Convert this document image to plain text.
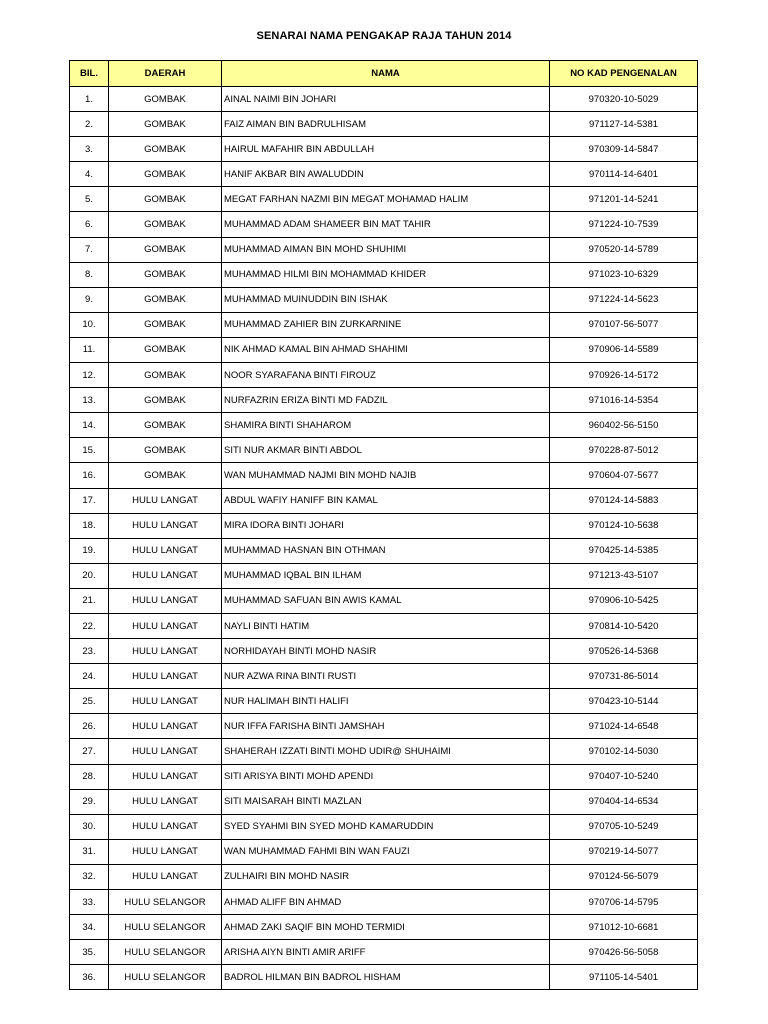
SENARAI NAMA PENGAKAP RAJA TAHUN 2014
BIL.	DAERAH	NAMA	NO KAD PENGENALAN
1.	GOMBAK	AINAL NAIMI BIN JOHARI	970320-10-5029
2.	GOMBAK	FAIZ AIMAN BIN BADRULHISAM	971127-14-5381
3.	GOMBAK	HAIRUL MAFAHIR BIN ABDULLAH	970309-14-5847
4.	GOMBAK	HANIF AKBAR BIN AWALUDDIN	970114-14-6401
5.	GOMBAK	MEGAT FARHAN NAZMI BIN MEGAT MOHAMAD HALIM	971201-14-5241
6.	GOMBAK	MUHAMMAD ADAM SHAMEER BIN MAT TAHIR	971224-10-7539
7.	GOMBAK	MUHAMMAD AIMAN BIN MOHD SHUHIMI	970520-14-5789
8.	GOMBAK	MUHAMMAD HILMI BIN MOHAMMAD KHIDER	971023-10-6329
9.	GOMBAK	MUHAMMAD MUINUDDIN BIN ISHAK	971224-14-5623
10.	GOMBAK	MUHAMMAD ZAHIER BIN ZURKARNINE	970107-56-5077
11.	GOMBAK	NIK AHMAD KAMAL BIN AHMAD SHAHIMI	970906-14-5589
12.	GOMBAK	NOOR SYARAFANA BINTI FIROUZ	970926-14-5172
13.	GOMBAK	NURFAZRIN ERIZA BINTI MD FADZIL	971016-14-5354
14.	GOMBAK	SHAMIRA BINTI SHAHAROM	960402-56-5150
15.	GOMBAK	SITI NUR AKMAR BINTI ABDOL	970228-87-5012
16.	GOMBAK	WAN MUHAMMAD NAJMI BIN MOHD NAJIB	970604-07-5677
17.	HULU LANGAT	ABDUL WAFIY HANIFF BIN KAMAL	970124-14-5883
18.	HULU LANGAT	MIRA IDORA BINTI JOHARI	970124-10-5638
19.	HULU LANGAT	MUHAMMAD HASNAN BIN OTHMAN	970425-14-5385
20.	HULU LANGAT	MUHAMMAD IQBAL BIN ILHAM	971213-43-5107
21.	HULU LANGAT	MUHAMMAD SAFUAN BIN AWIS KAMAL	970906-10-5425
22.	HULU LANGAT	NAYLI BINTI HATIM	970814-10-5420
23.	HULU LANGAT	NORHIDAYAH BINTI MOHD NASIR	970526-14-5368
24.	HULU LANGAT	NUR AZWA RINA BINTI RUSTI	970731-86-5014
25.	HULU LANGAT	NUR HALIMAH BINTI HALIFI	970423-10-5144
26.	HULU LANGAT	NUR IFFA FARISHA BINTI JAMSHAH	971024-14-6548
27.	HULU LANGAT	SHAHERAH IZZATI BINTI MOHD UDIR@ SHUHAIMI	970102-14-5030
28.	HULU LANGAT	SITI ARISYA BINTI MOHD APENDI	970407-10-5240
29.	HULU LANGAT	SITI MAISARAH BINTI MAZLAN	970404-14-6534
30.	HULU LANGAT	SYED SYAHMI BIN SYED MOHD KAMARUDDIN	970705-10-5249
31.	HULU LANGAT	WAN MUHAMMAD FAHMI BIN WAN FAUZI	970219-14-5077
32.	HULU LANGAT	ZULHAIRI BIN MOHD NASIR	970124-56-5079
33.	HULU SELANGOR	AHMAD ALIFF BIN AHMAD	970706-14-5795
34.	HULU SELANGOR	AHMAD ZAKI SAQIF BIN MOHD TERMIDI	971012-10-6681
35.	HULU SELANGOR	ARISHA AIYN BINTI AMIR ARIFF	970426-56-5058
36.	HULU SELANGOR	BADROL HILMAN BIN BADROL HISHAM	971105-14-5401
